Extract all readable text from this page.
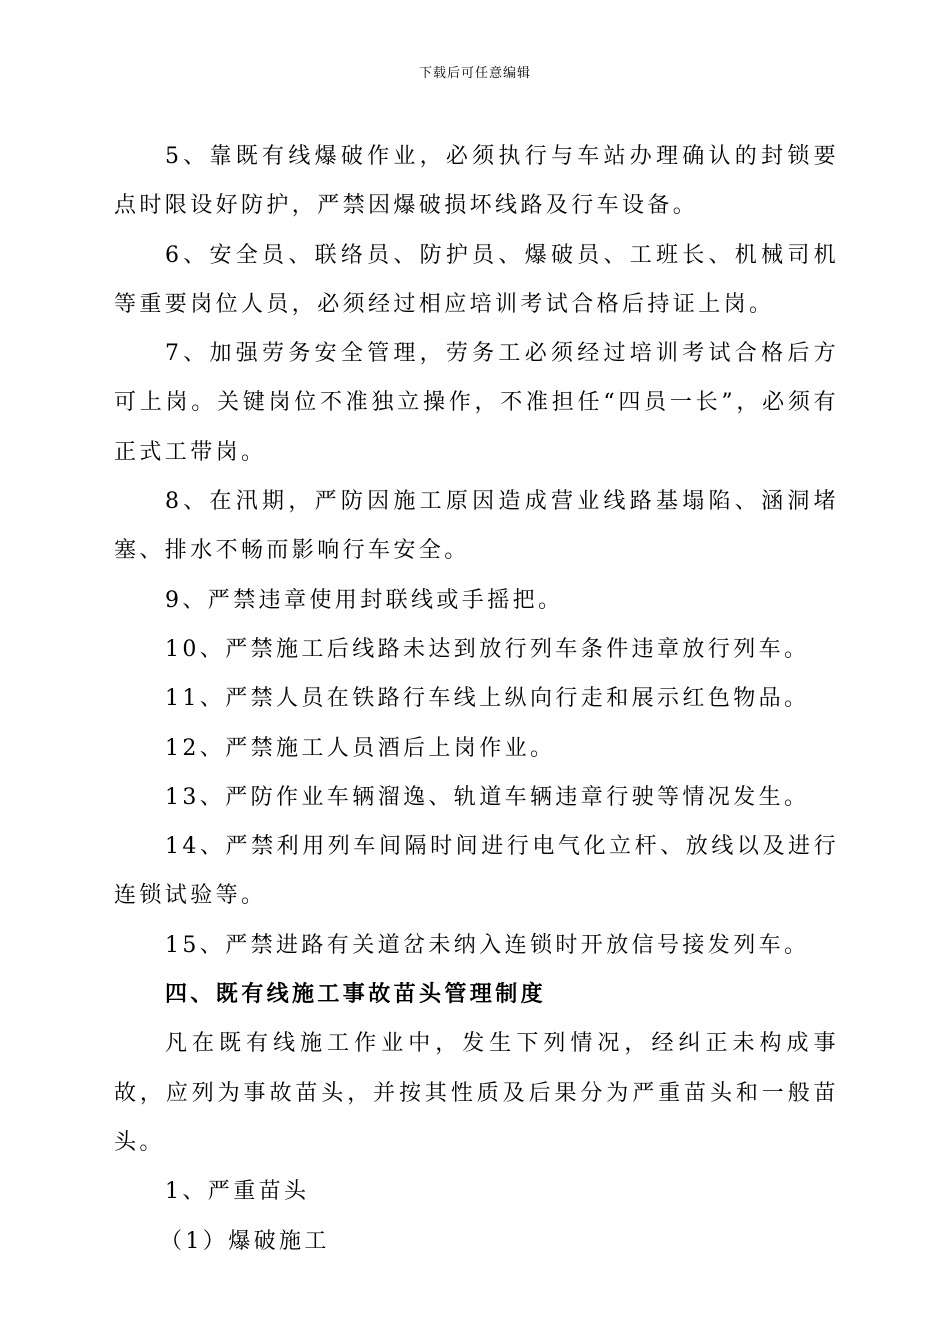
下载后可任意编辑

5、靠既有线爆破作业，必须执行与车站办理确认的封锁要点时限设好防护，严禁因爆破损坏线路及行车设备。

6、安全员、联络员、防护员、爆破员、工班长、机械司机等重要岗位人员，必须经过相应培训考试合格后持证上岗。

7、加强劳务安全管理，劳务工必须经过培训考试合格后方可上岗。关键岗位不准独立操作，不准担任“四员一长”，必须有正式工带岗。

8、在汛期，严防因施工原因造成营业线路基塌陷、涵洞堵塞、排水不畅而影响行车安全。

9、严禁违章使用封联线或手摇把。

10、严禁施工后线路未达到放行列车条件违章放行列车。

11、严禁人员在铁路行车线上纵向行走和展示红色物品。

12、严禁施工人员酒后上岗作业。

13、严防作业车辆溜逸、轨道车辆违章行驶等情况发生。

14、严禁利用列车间隔时间进行电气化立杆、放线以及进行连锁试验等。

15、严禁进路有关道岔未纳入连锁时开放信号接发列车。

四、既有线施工事故苗头管理制度

凡在既有线施工作业中，发生下列情况，经纠正未构成事故，应列为事故苗头，并按其性质及后果分为严重苗头和一般苗头。

1、严重苗头

（1）爆破施工
